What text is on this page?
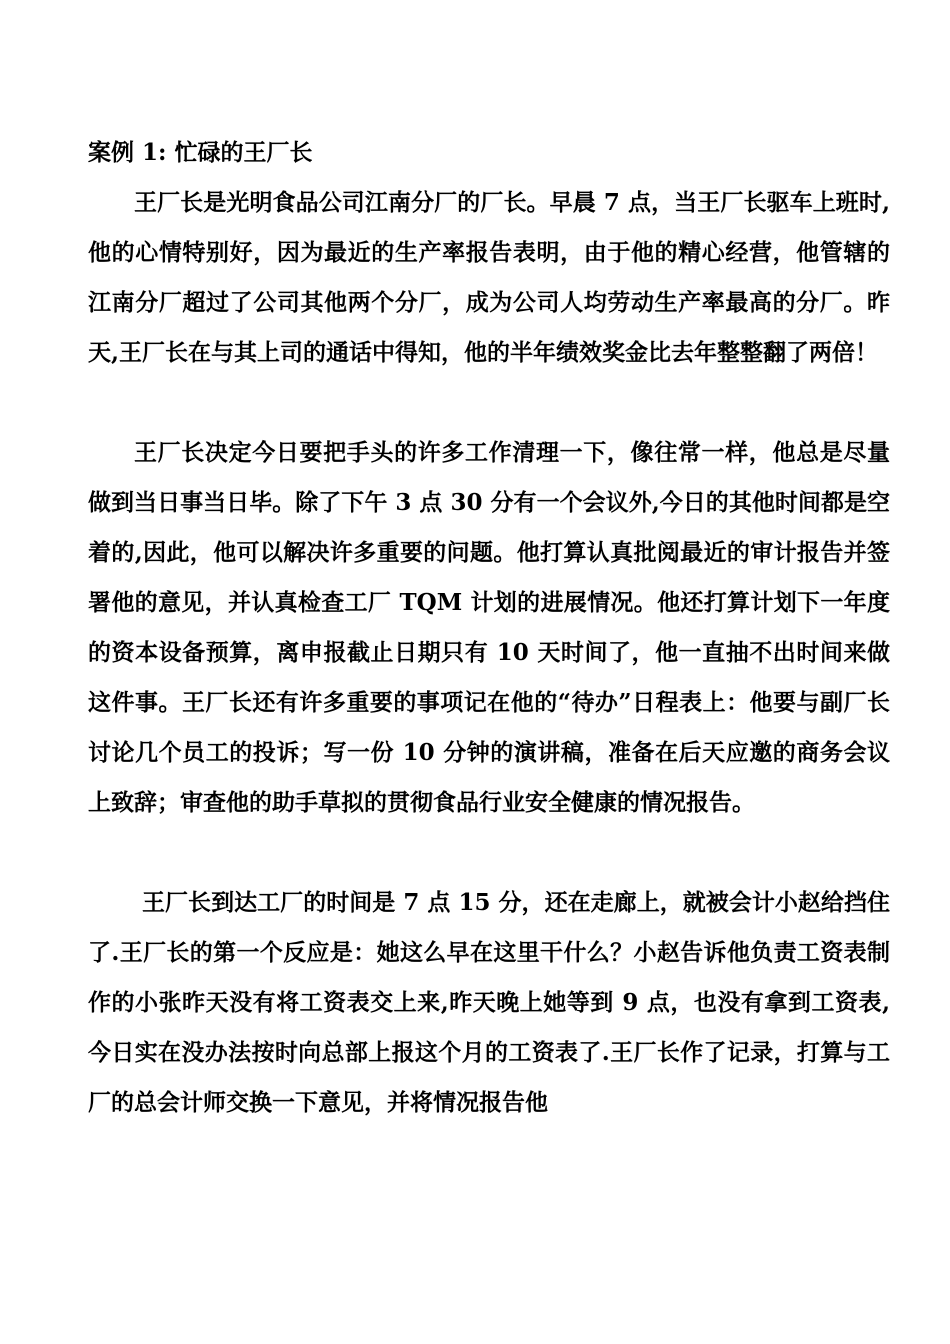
案例 1: 忙碌的王厂长

王厂长是光明食品公司江南分厂的厂长。早晨 7 点，当王厂长驱车上班时,他的心情特别好，因为最近的生产率报告表明，由于他的精心经营，他管辖的江南分厂超过了公司其他两个分厂，成为公司人均劳动生产率最高的分厂。昨天,王厂长在与其上司的通话中得知，他的半年绩效奖金比去年整整翻了两倍！

王厂长决定今日要把手头的许多工作清理一下，像往常一样，他总是尽量做到当日事当日毕。除了下午 3 点 30 分有一个会议外,今日的其他时间都是空着的,因此，他可以解决许多重要的问题。他打算认真批阅最近的审计报告并签署他的意见，并认真检查工厂 TQM 计划的进展情况。他还打算计划下一年度的资本设备预算，离申报截止日期只有 10 天时间了，他一直抽不出时间来做这件事。王厂长还有许多重要的事项记在他的“待办”日程表上：他要与副厂长讨论几个员工的投诉；写一份 10 分钟的演讲稿，准备在后天应邀的商务会议上致辞；审查他的助手草拟的贯彻食品行业安全健康的情况报告。

王厂长到达工厂的时间是 7 点 15 分，还在走廊上，就被会计小赵给挡住了.王厂长的第一个反应是：她这么早在这里干什么？小赵告诉他负责工资表制作的小张昨天没有将工资表交上来,昨天晚上她等到 9 点，也没有拿到工资表,今日实在没办法按时向总部上报这个月的工资表了.王厂长作了记录，打算与工厂的总会计师交换一下意见，并将情况报告他
